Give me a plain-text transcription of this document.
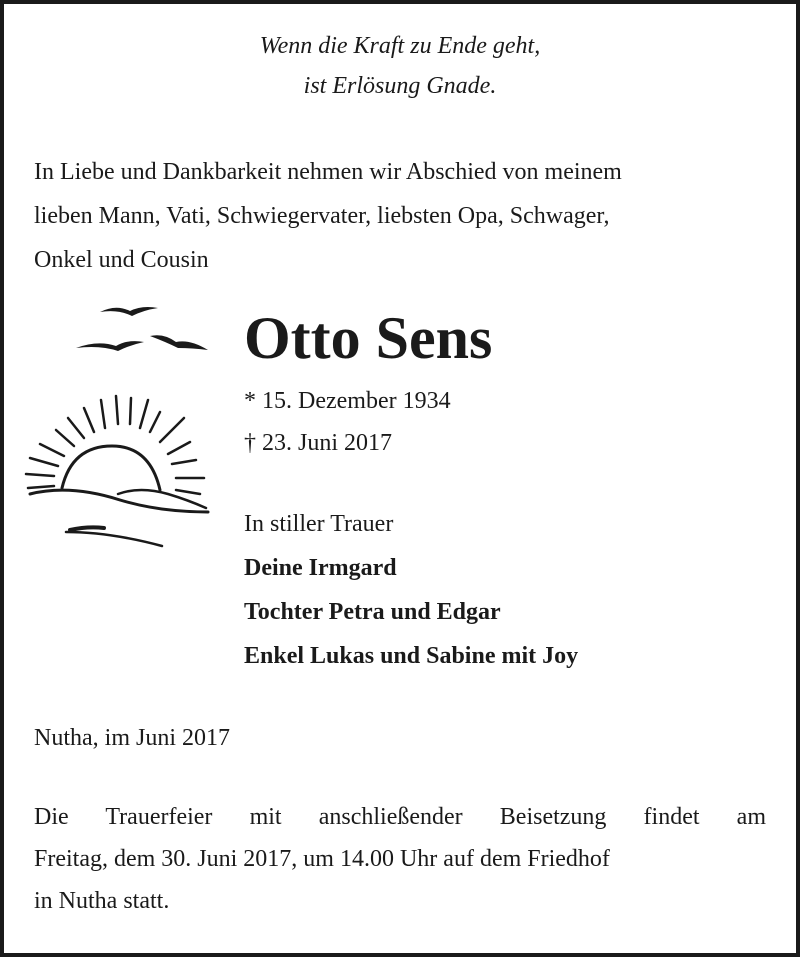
Wenn die Kraft zu Ende geht,
ist Erlösung Gnade.
In Liebe und Dankbarkeit nehmen wir Abschied von meinem
lieben Mann, Vati, Schwiegervater, liebsten Opa, Schwager,
Onkel und Cousin
Otto Sens
* 15. Dezember 1934
† 23. Juni 2017
In stiller Trauer
Deine Irmgard
Tochter Petra und Edgar
Enkel Lukas und Sabine mit Joy
Nutha, im Juni 2017
Die Trauerfeier mit anschließender Beisetzung findet am
Freitag, dem 30. Juni 2017, um 14.00 Uhr auf dem Friedhof
in Nutha statt.
